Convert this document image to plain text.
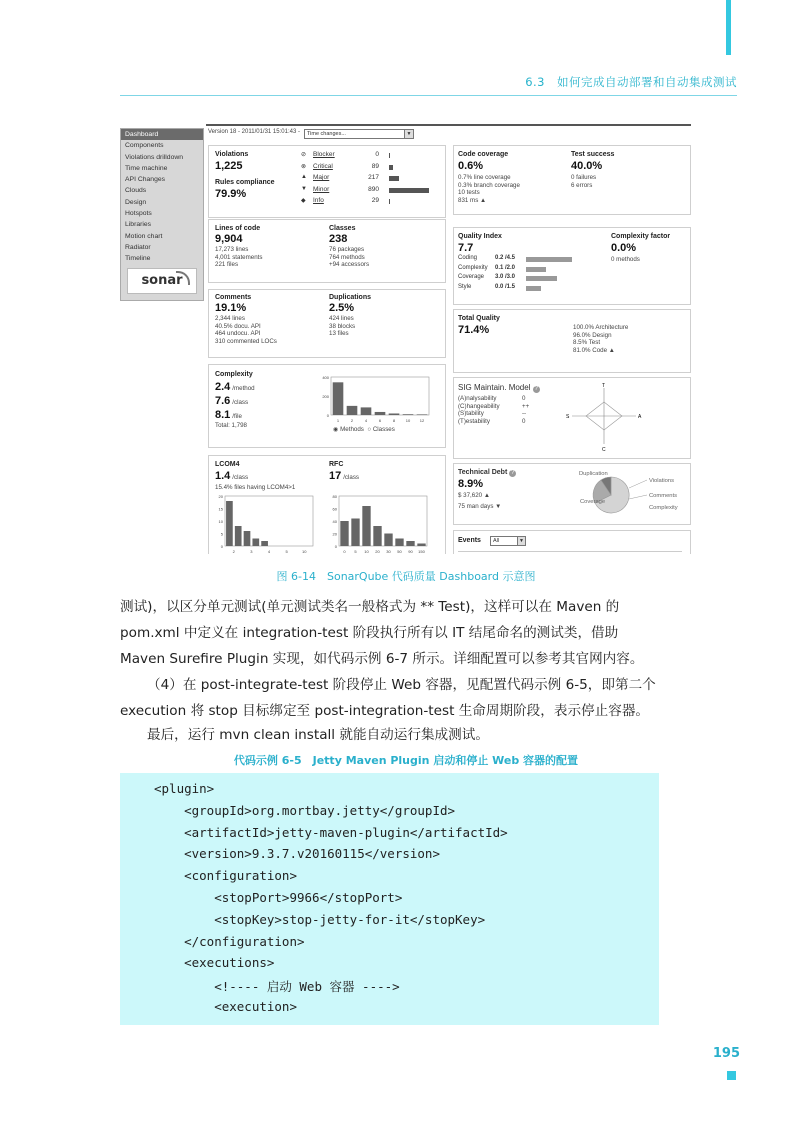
6.3　如何完成自动部署和自动集成测试
Dashboard
Components
Violations drilldown
Time machine
API Changes
Clouds
Design
Hotspots
Libraries
Motion chart
Radiator
Timeline
sonar
Version 18 - 2011/01/31 15:01:43 -	Time changes...	▼
Violations
1,225
Rules compliance
79.9%
⊘ Blocker	0
⊗ Critical	89
▲ Major	217
▼ Minor	890
◆ Info	29
Code coverage
0.6%
0.7% line coverage
0.3% branch coverage
10 tests
831 ms ▲
Test success
40.0%
0 failures
6 errors
Lines of code
9,904
17,273 lines
4,001 statements
221 files
Classes
238
76 packages
764 methods
+94 accessors
Quality Index
7.7
Coding	0.2 /4.5
Complexity 0.1 /2.0
Coverage 3.0 /3.0
Style	0.0 /1.5
Complexity factor
0.0%
0 methods
Comments
19.1%
2,344 lines
40.5% docu. API
464 undocu. API
310 commented LOCs
Duplications
2.5%
424 lines
38 blocks
13 files
Total Quality
71.4%	100.0% Architecture
96.0% Design
8.5% Test
81.0% Code ▲
Complexity
2.4 /method
7.6 /class
8.1 /file
Total: 1,798
400
200
0
1	2	4	6	8	10 12
◉ Methods ○ Classes
SIG Maintain. Model ?
(A)nalysability	0
(C)hangeability	++
(S)tability	--
(T)estability	0
T
A
C
S
LCOM4
1.4 /class
15.4% files having LCOM4>1
20
15
10
5
0
2	3	4	5	10
RFC
17 /class
80
60
40
20
0
0 5 10 20 30 50 90 150
Technical Debt ?
8.9%
$ 37,620 ▲
75 man days ▼
Duplication
Violations
Comments
Coverage
Complexity
Events	All	▼
图 6-14　SonarQube 代码质量 Dashboard 示意图
测试)，以区分单元测试(单元测试类名一般格式为 ** Test)，这样可以在 Maven 的
pom.xml 中定义在 integration-test 阶段执行所有以 IT 结尾命名的测试类，借助
Maven Surefire Plugin 实现，如代码示例 6-7 所示。详细配置可以参考其官网内容。
（4）在 post-integrate-test 阶段停止 Web 容器，见配置代码示例 6-5，即第二个
execution 将 stop 目标绑定至 post-integration-test 生命周期阶段，表示停止容器。
最后，运行 mvn clean install 就能自动运行集成测试。
代码示例 6-5　Jetty Maven Plugin 启动和停止 Web 容器的配置
<plugin>
<groupId>org.mortbay.jetty</groupId>
<artifactId>jetty-maven-plugin</artifactId>
<version>9.3.7.v20160115</version>
<configuration>
<stopPort>9966</stopPort>
<stopKey>stop-jetty-for-it</stopKey>
</configuration>
<executions>
<!---- 启动 Web 容器 ---->
<execution>
195
